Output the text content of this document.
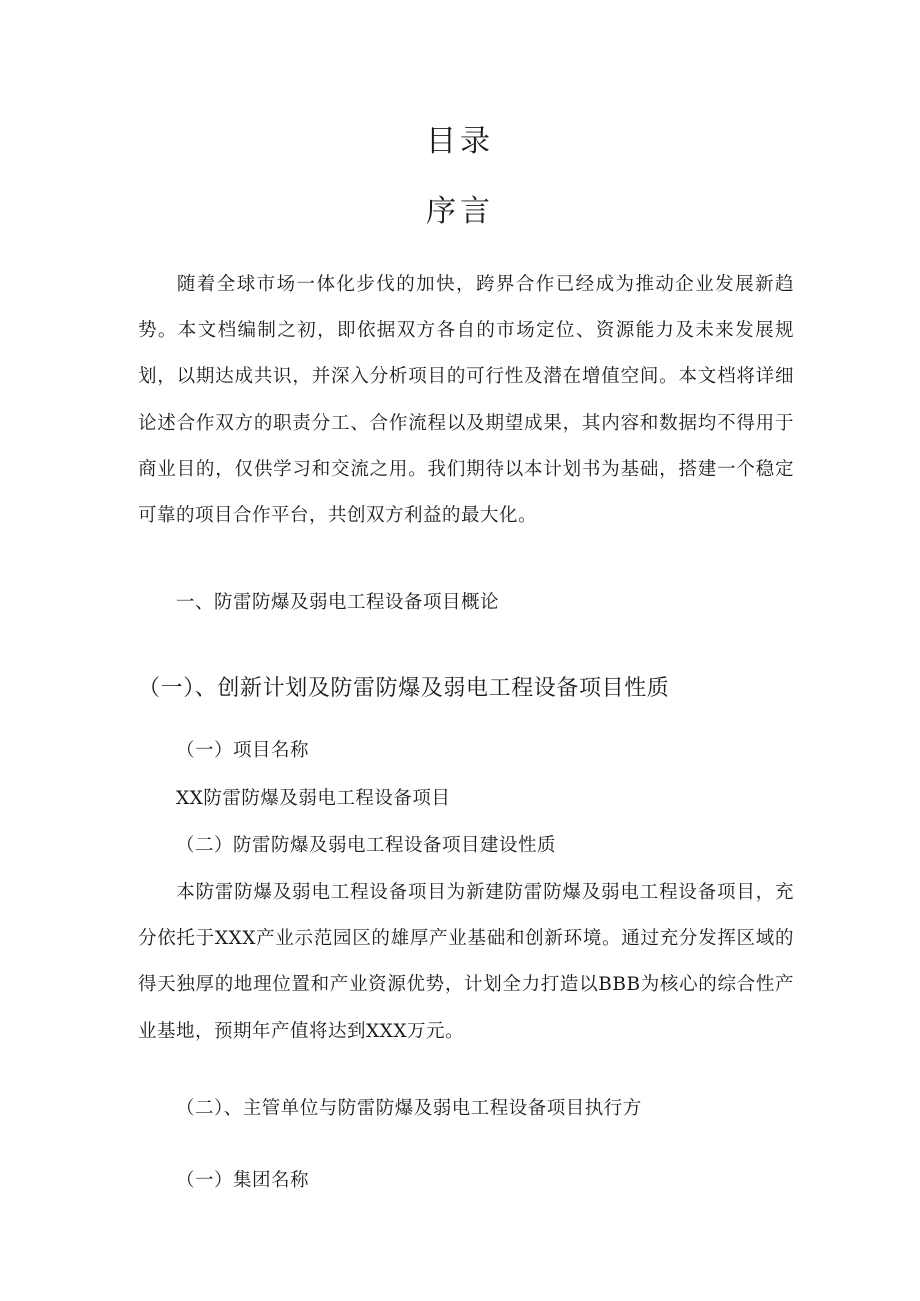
目录
序言

随着全球市场一体化步伐的加快，跨界合作已经成为推动企业发展新趋势。本文档编制之初，即依据双方各自的市场定位、资源能力及未来发展规划，以期达成共识，并深入分析项目的可行性及潜在增值空间。本文档将详细论述合作双方的职责分工、合作流程以及期望成果，其内容和数据均不得用于商业目的，仅供学习和交流之用。我们期待以本计划书为基础，搭建一个稳定可靠的项目合作平台，共创双方利益的最大化。

一、防雷防爆及弱电工程设备项目概论
（一）、创新计划及防雷防爆及弱电工程设备项目性质
（一）项目名称

XX防雷防爆及弱电工程设备项目

（二）防雷防爆及弱电工程设备项目建设性质

本防雷防爆及弱电工程设备项目为新建防雷防爆及弱电工程设备项目，充分依托于XXX产业示范园区的雄厚产业基础和创新环境。通过充分发挥区域的得天独厚的地理位置和产业资源优势，计划全力打造以BBB为核心的综合性产业基地，预期年产值将达到XXX万元。

（二）、主管单位与防雷防爆及弱电工程设备项目执行方
（一）集团名称
